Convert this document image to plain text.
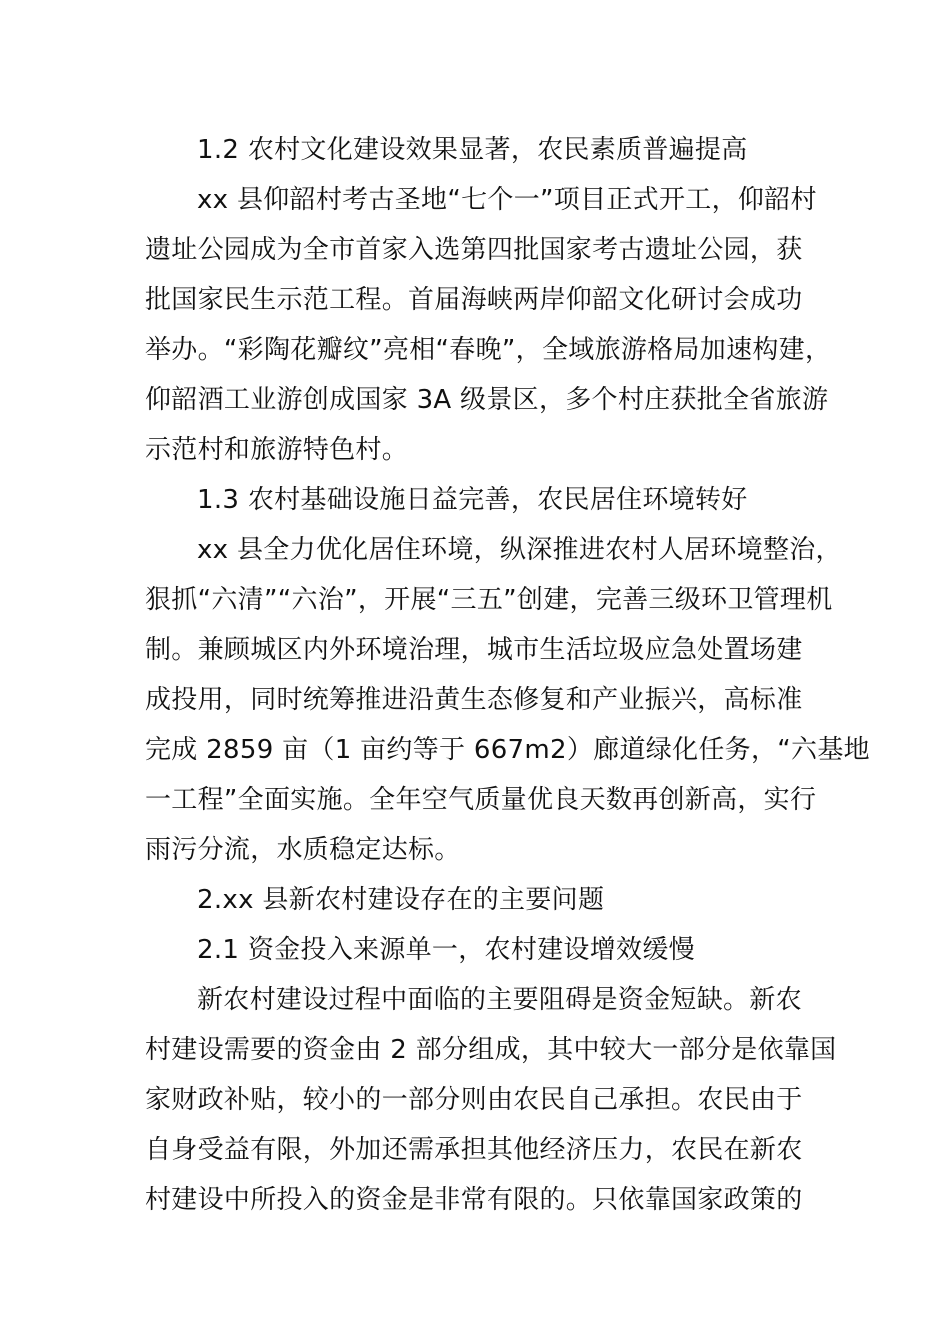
1.2 农村文化建设效果显著，农民素质普遍提高

xx 县仰韶村考古圣地“七个一”项目正式开工，仰韶村

遗址公园成为全市首家入选第四批国家考古遗址公园，获

批国家民生示范工程。首届海峡两岸仰韶文化研讨会成功

举办。“彩陶花瓣纹”亮相“春晚”，全域旅游格局加速构建，

仰韶酒工业游创成国家 3A 级景区，多个村庄获批全省旅游

示范村和旅游特色村。

1.3 农村基础设施日益完善，农民居住环境转好

xx 县全力优化居住环境，纵深推进农村人居环境整治，

狠抓“六清”“六治”，开展“三五”创建，完善三级环卫管理机

制。兼顾城区内外环境治理，城市生活垃圾应急处置场建

成投用，同时统筹推进沿黄生态修复和产业振兴，高标准

完成 2859 亩（1 亩约等于 667m2）廊道绿化任务，“六基地

一工程”全面实施。全年空气质量优良天数再创新高，实行

雨污分流，水质稳定达标。

2.xx 县新农村建设存在的主要问题

2.1 资金投入来源单一，农村建设增效缓慢

新农村建设过程中面临的主要阻碍是资金短缺。新农

村建设需要的资金由 2 部分组成，其中较大一部分是依靠国

家财政补贴，较小的一部分则由农民自己承担。农民由于

自身受益有限，外加还需承担其他经济压力，农民在新农

村建设中所投入的资金是非常有限的。只依靠国家政策的
